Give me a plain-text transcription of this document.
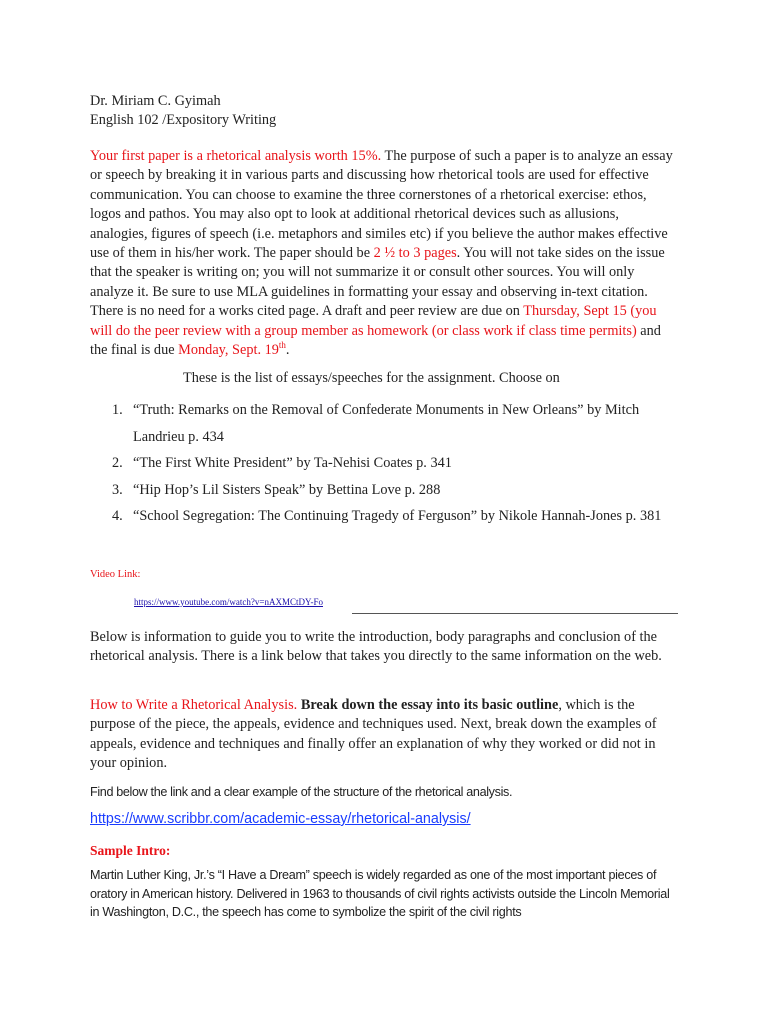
Dr. Miriam C. Gyimah
English 102 /Expository Writing
Your first paper is a rhetorical analysis worth 15%. The purpose of such a paper is to analyze an essay or speech by breaking it in various parts and discussing how rhetorical tools are used for effective communication. You can choose to examine the three cornerstones of a rhetorical exercise: ethos, logos and pathos. You may also opt to look at additional rhetorical devices such as allusions, analogies, figures of speech (i.e. metaphors and similes etc) if you believe the author makes effective use of them in his/her work. The paper should be 2 ½ to 3 pages. You will not take sides on the issue that the speaker is writing on; you will not summarize it or consult other sources. You will only analyze it. Be sure to use MLA guidelines in formatting your essay and observing in-text citation. There is no need for a works cited page. A draft and peer review are due on Thursday, Sept 15 (you will do the peer review with a group member as homework (or class work if class time permits) and the final is due Monday, Sept. 19th.
These is the list of essays/speeches for the assignment. Choose on
1. “Truth: Remarks on the Removal of Confederate Monuments in New Orleans” by Mitch Landrieu p. 434
2. “The First White President” by Ta-Nehisi Coates p. 341
3. “Hip Hop’s Lil Sisters Speak” by Bettina Love p. 288
4. “School Segregation: The Continuing Tragedy of Ferguson” by Nikole Hannah-Jones p. 381
Video Link:
https://www.youtube.com/watch?v=nAXMCtDY-Fo
Below is information to guide you to write the introduction, body paragraphs and conclusion of the rhetorical analysis. There is a link below that takes you directly to the same information on the web.
How to Write a Rhetorical Analysis. Break down the essay into its basic outline, which is the purpose of the piece, the appeals, evidence and techniques used. Next, break down the examples of appeals, evidence and techniques and finally offer an explanation of why they worked or did not in your opinion.
Find below the link and a clear example of the structure of the rhetorical analysis.
https://www.scribbr.com/academic-essay/rhetorical-analysis/
Sample Intro:
Martin Luther King, Jr.’s “I Have a Dream” speech is widely regarded as one of the most important pieces of oratory in American history. Delivered in 1963 to thousands of civil rights activists outside the Lincoln Memorial in Washington, D.C., the speech has come to symbolize the spirit of the civil rights
